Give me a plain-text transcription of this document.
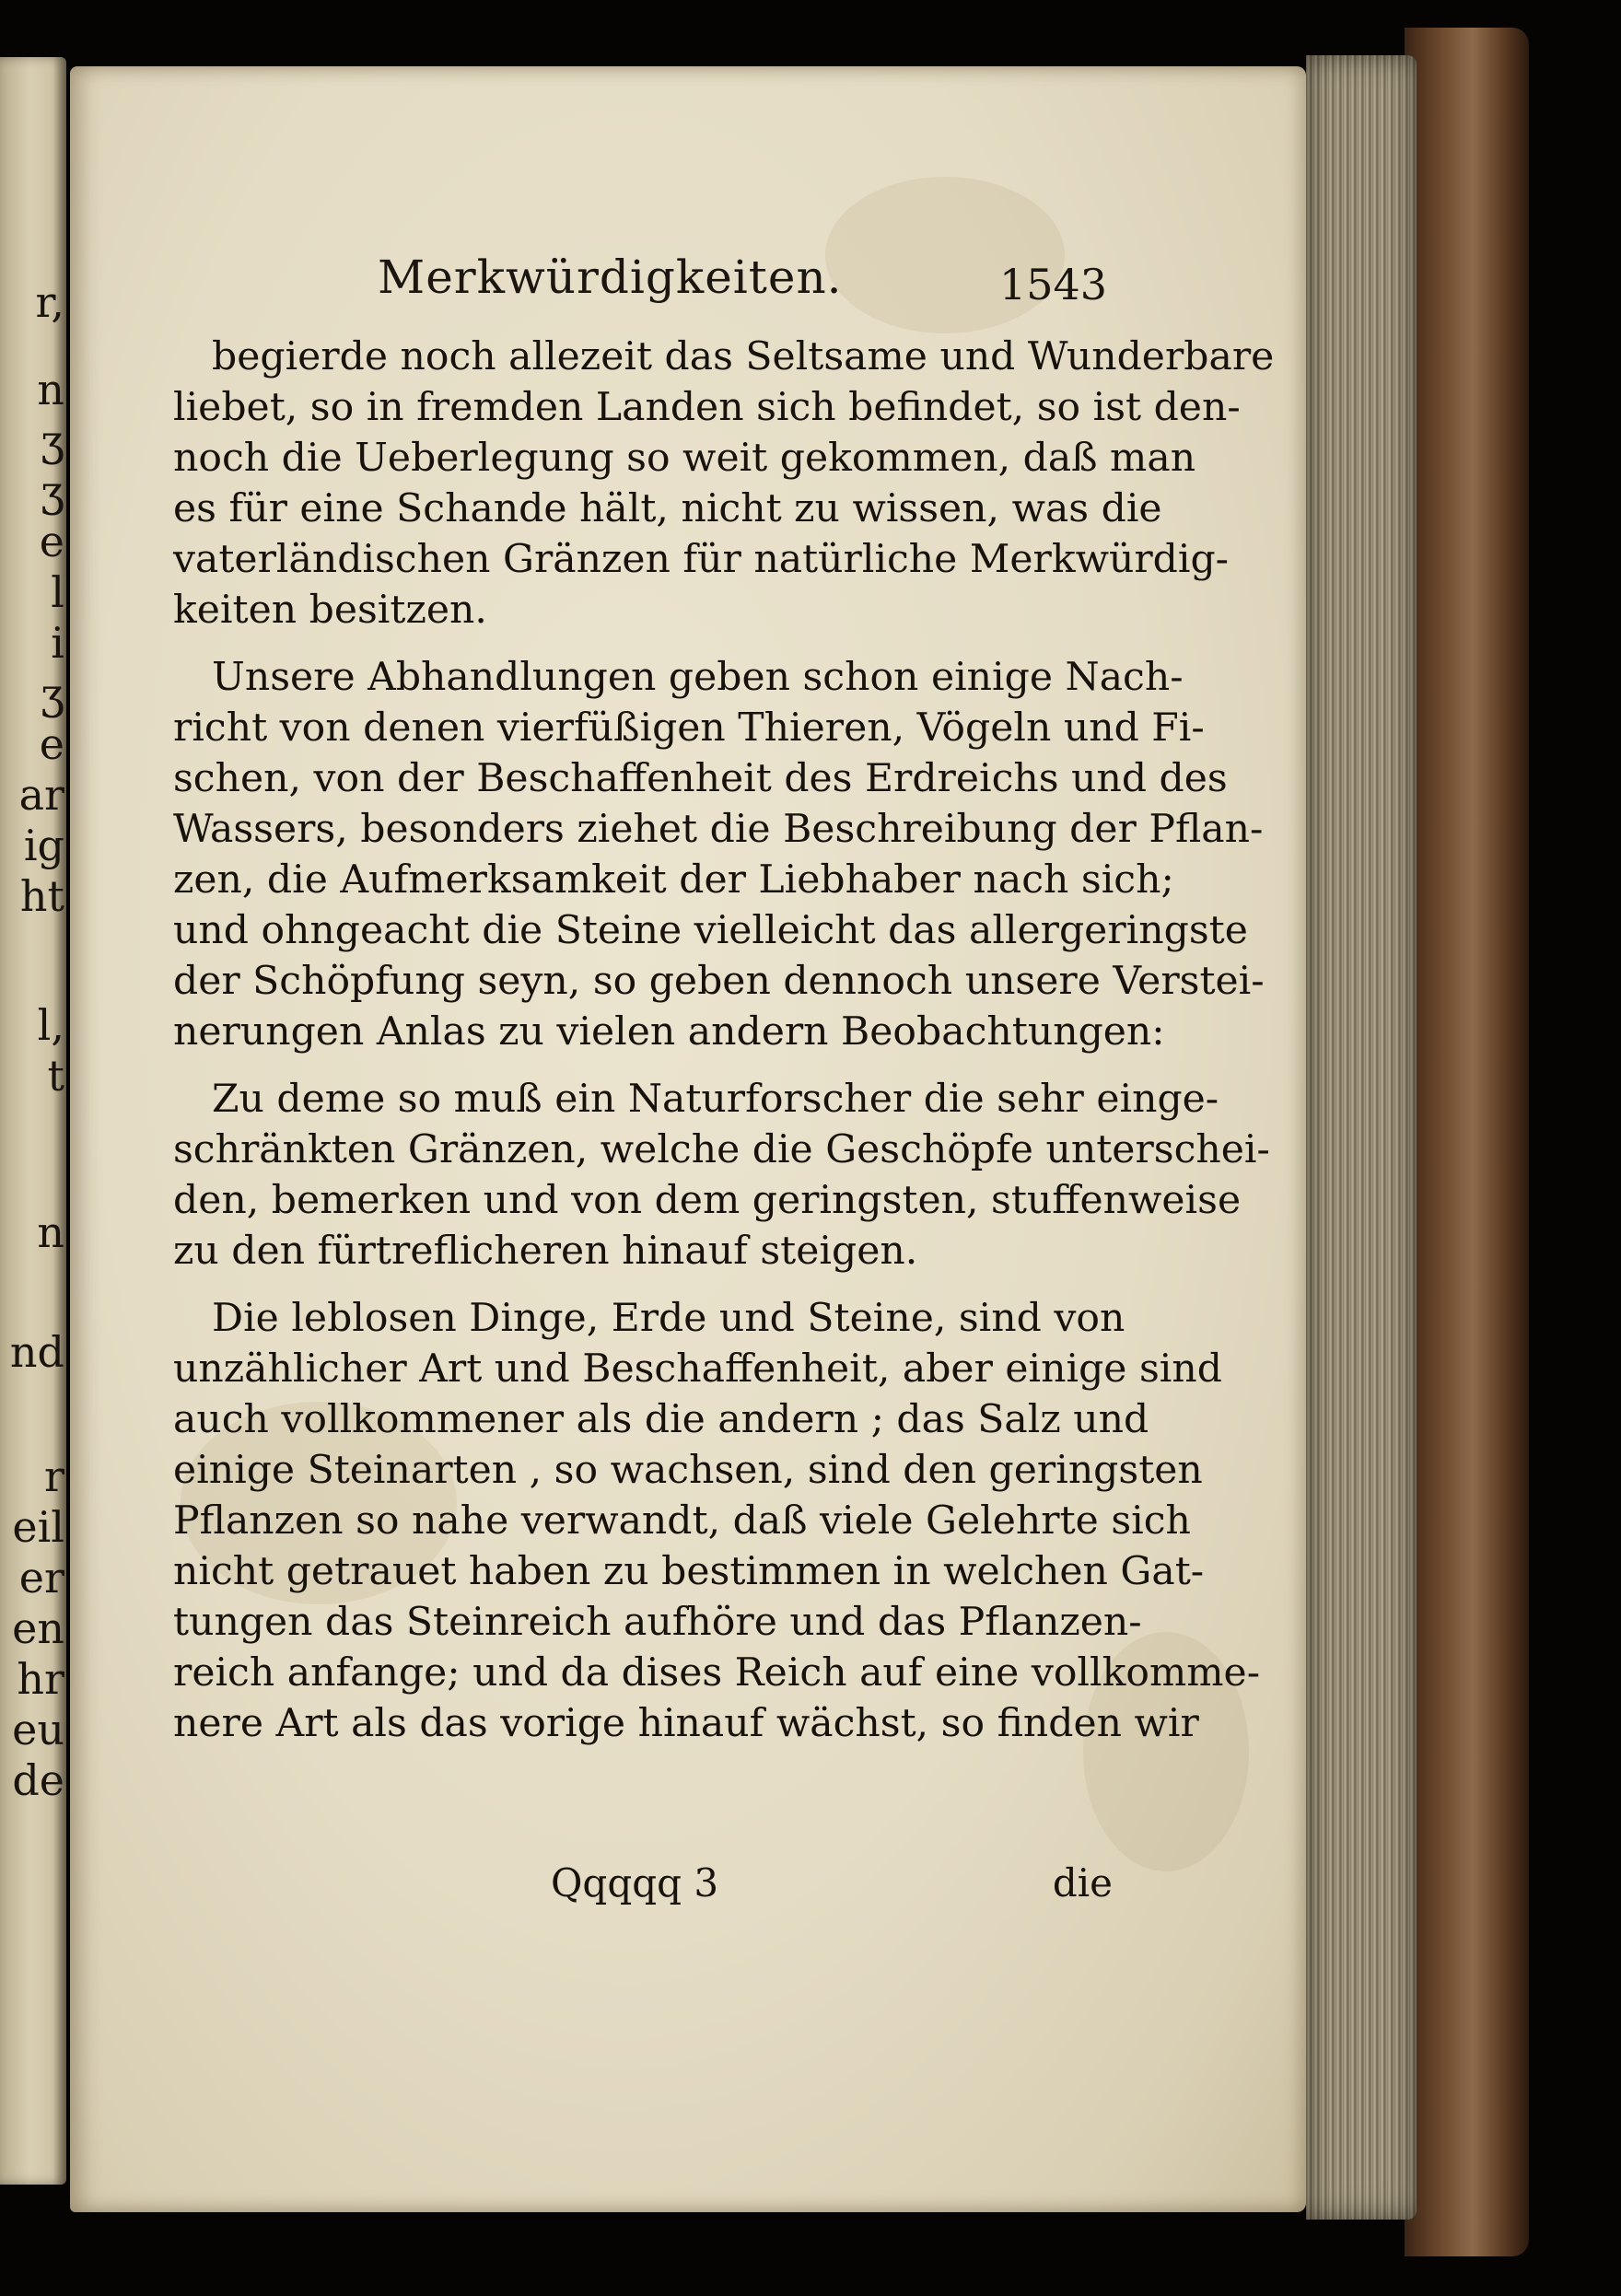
r,
n
ʒ
ʒ
e
l
i
ʒ
e
ar
ig
ht
l,
t
n
nd
r
eil
er
en
hr
eu
de
Merkwürdigkeiten.	1543
begierde noch allezeit das Seltsame und Wunderbare
liebet, so in fremden Landen sich befindet, so ist den-
noch die Ueberlegung so weit gekommen, daß man
es für eine Schande hält, nicht zu wissen, was die
vaterländischen Gränzen für natürliche Merkwürdig-
keiten besitzen.
Unsere Abhandlungen geben schon einige Nach-
richt von denen vierfüßigen Thieren, Vögeln und Fi-
schen, von der Beschaffenheit des Erdreichs und des
Wassers, besonders ziehet die Beschreibung der Pflan-
zen, die Aufmerksamkeit der Liebhaber nach sich;
und ohngeacht die Steine vielleicht das allergeringste
der Schöpfung seyn, so geben dennoch unsere Verstei-
nerungen Anlas zu vielen andern Beobachtungen:
Zu deme so muß ein Naturforscher die sehr einge-
schränkten Gränzen, welche die Geschöpfe unterschei-
den, bemerken und von dem geringsten, stuffenweise
zu den fürtreflicheren hinauf steigen.
Die leblosen Dinge, Erde und Steine, sind von
unzählicher Art und Beschaffenheit, aber einige sind
auch vollkommener als die andern ; das Salz und
einige Steinarten , so wachsen, sind den geringsten
Pflanzen so nahe verwandt, daß viele Gelehrte sich
nicht getrauet haben zu bestimmen in welchen Gat-
tungen das Steinreich aufhöre und das Pflanzen-
reich anfange; und da dises Reich auf eine vollkomme-
nere Art als das vorige hinauf wächst, so finden wir
Qqqqq 3	die
